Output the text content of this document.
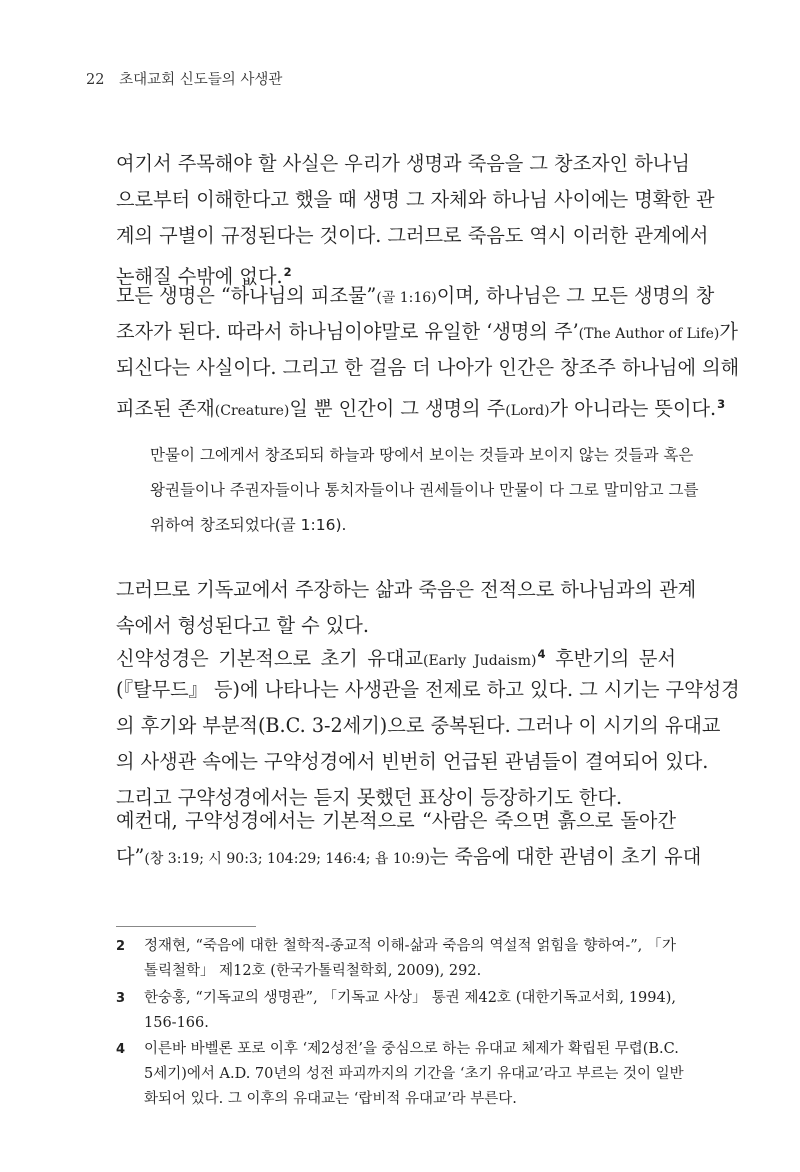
22 초대교회 신도들의 사생관
여기서 주목해야 할 사실은 우리가 생명과 죽음을 그 창조자인 하나님
으로부터 이해한다고 했을 때 생명 그 자체와 하나님 사이에는 명확한 관
계의 구별이 규정된다는 것이다. 그러므로 죽음도 역시 이러한 관계에서
논해질 수밖에 없다.$^2$
모든 생명은 “하나님의 피조물”(골 1:16)이며, 하나님은 그 모든 생명의 창
조자가 된다. 따라서 하나님이야말로 유일한 ‘생명의 주’(The Author of Life)가
되신다는 사실이다. 그리고 한 걸음 더 나아가 인간은 창조주 하나님에 의해
피조된 존재(Creature)일 뿐 인간이 그 생명의 주(Lord)가 아니라는 뜻이다.$^3$
만물이 그에게서 창조되되 하늘과 땅에서 보이는 것들과 보이지 않는 것들과 혹은
왕권들이나 주권자들이나 통치자들이나 권세들이나 만물이 다 그로 말미암고 그를
위하여 창조되었다(골 1:16).
그러므로 기독교에서 주장하는 삶과 죽음은 전적으로 하나님과의 관계
속에서 형성된다고 할 수 있다.
신약성경은 기본적으로 초기 유대교(Early Judaism)$^4$ 후반기의 문서
(『탈무드』 등)에 나타나는 사생관을 전제로 하고 있다. 그 시기는 구약성경
의 후기와 부분적(B.C. 3-2세기)으로 중복된다. 그러나 이 시기의 유대교
의 사생관 속에는 구약성경에서 빈번히 언급된 관념들이 결여되어 있다.
그리고 구약성경에서는 듣지 못했던 표상이 등장하기도 한다.
예컨대, 구약성경에서는 기본적으로 “사람은 죽으면 흙으로 돌아간
다”(창 3:19; 시 90:3; 104:29; 146:4; 욥 10:9)는 죽음에 대한 관념이 초기 유대
2 정재현, “죽음에 대한 철학적-종교적 이해-삶과 죽음의 역설적 얽힘을 향하여-”, 「가
톨릭철학」 제12호 (한국가톨릭철학회, 2009), 292.
3 한숭홍, “기독교의 생명관”, 「기독교 사상」 통권 제42호 (대한기독교서회, 1994),
156-166.
4 이른바 바벨론 포로 이후 ‘제2성전’을 중심으로 하는 유대교 체제가 확립된 무렵(B.C.
5세기)에서 A.D. 70년의 성전 파괴까지의 기간을 ‘초기 유대교’라고 부르는 것이 일반
화되어 있다. 그 이후의 유대교는 ‘랍비적 유대교’라 부른다.
